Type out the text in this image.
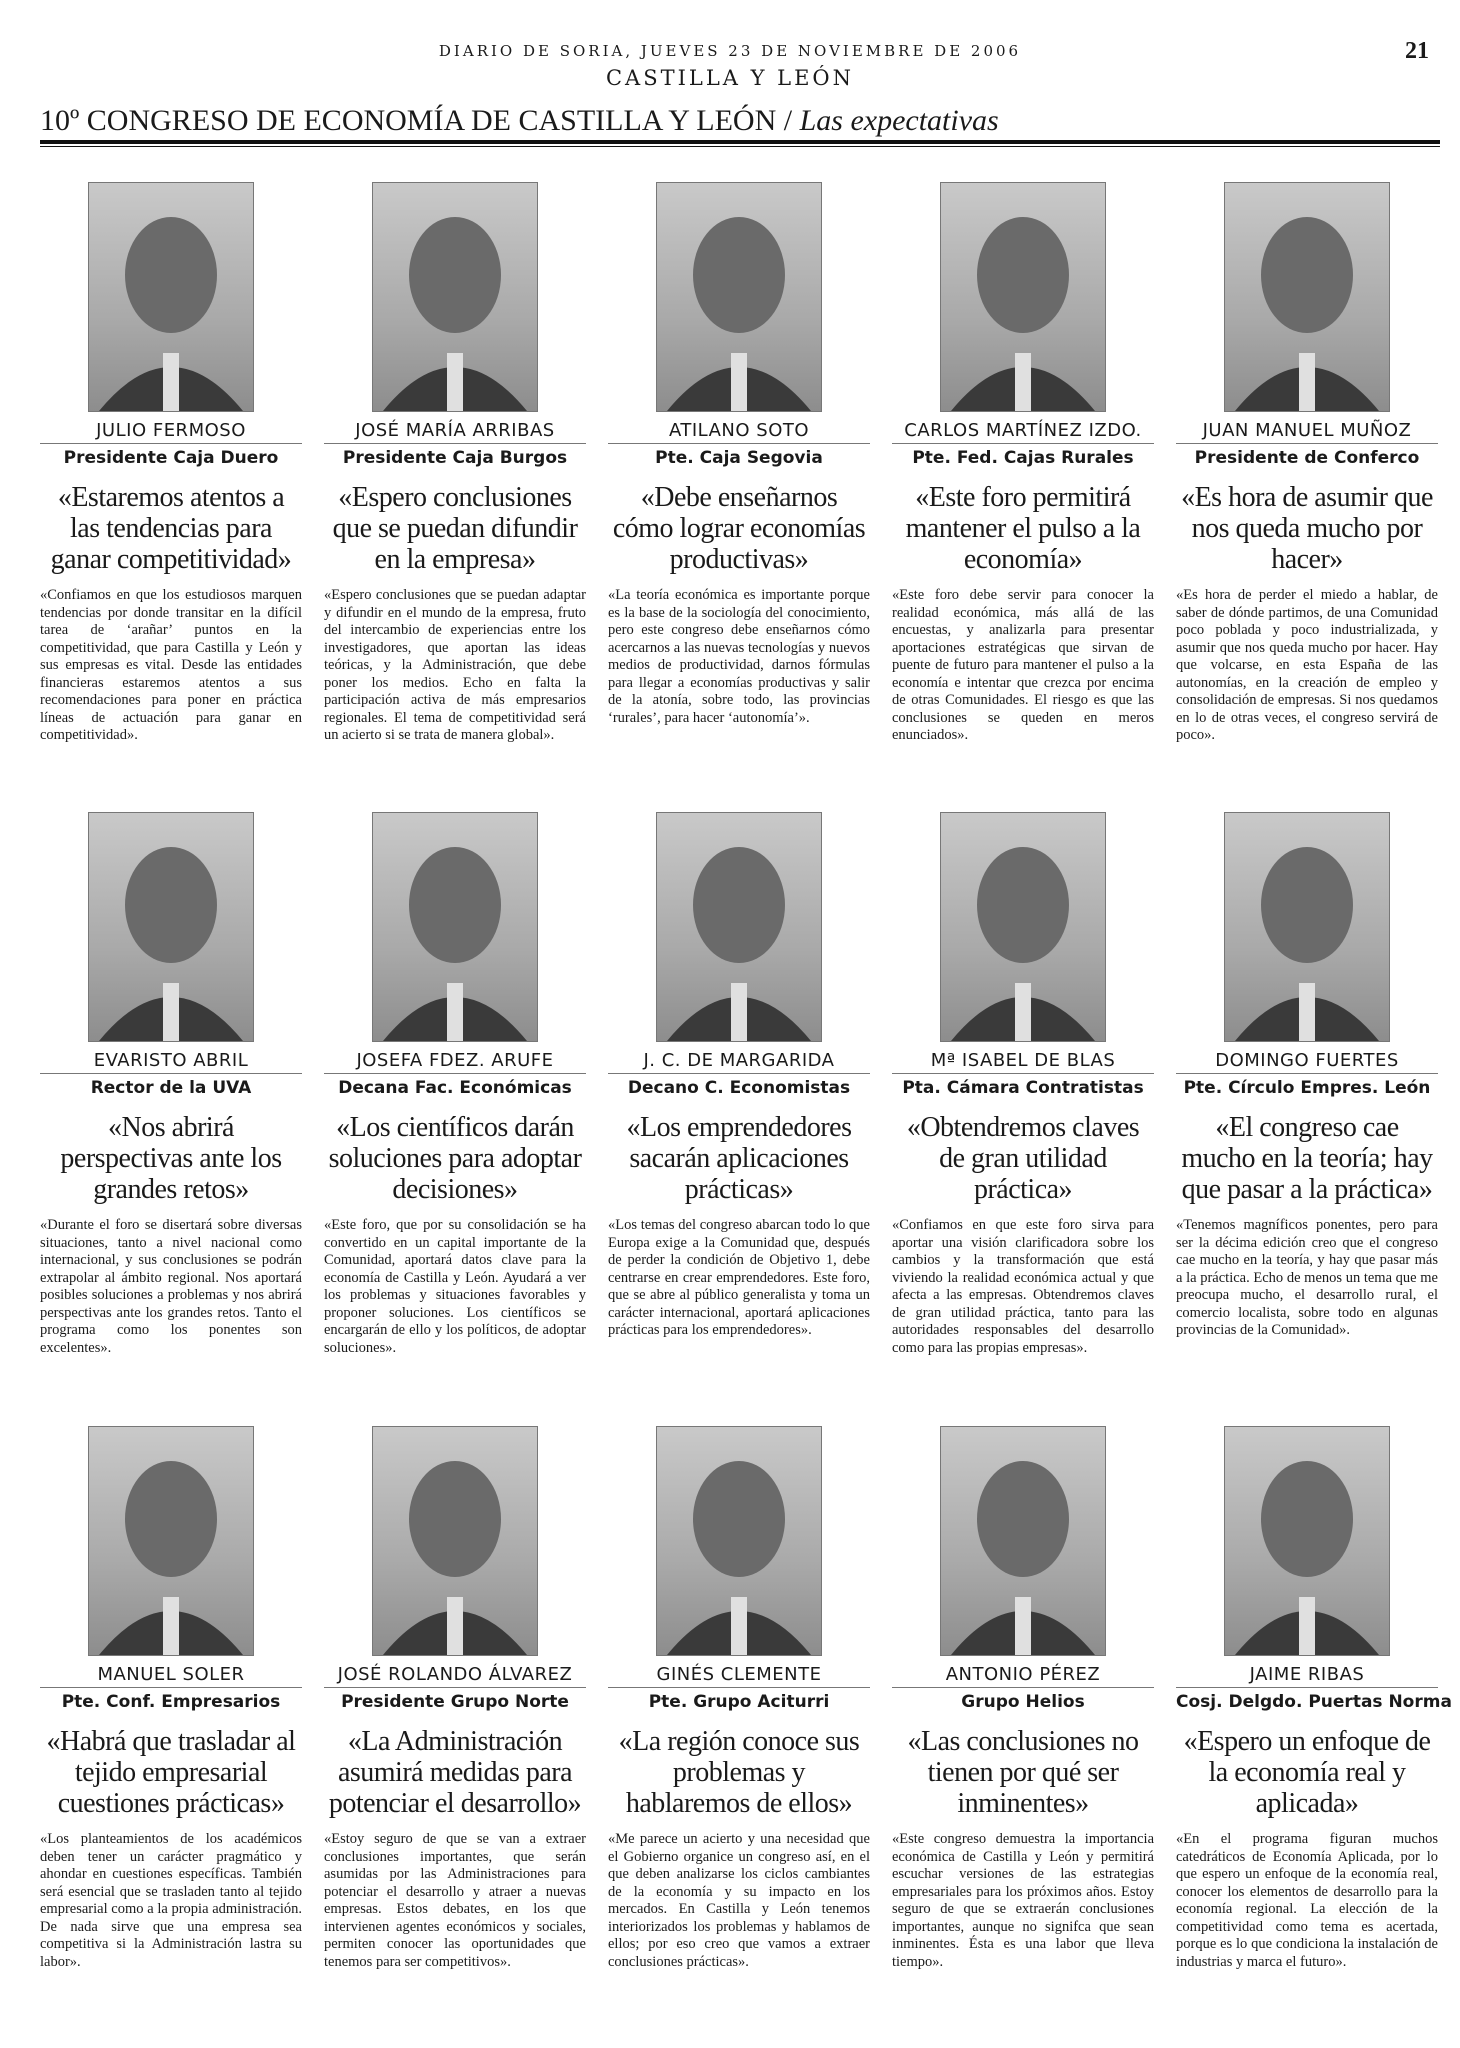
DIARIO DE SORIA, JUEVES 23 DE NOVIEMBRE DE 2006
CASTILLA Y LEÓN
21
10º CONGRESO DE ECONOMÍA DE CASTILLA Y LEÓN / Las expectativas
JULIO FERMOSO
Presidente Caja Duero
«Estaremos atentos a las tendencias para ganar competitividad»
«Confiamos en que los estudiosos marquen tendencias por donde transitar en la difícil tarea de ‘arañar’ puntos en la competitividad, que para Castilla y León y sus empresas es vital. Desde las entidades financieras estaremos atentos a sus recomendaciones para poner en práctica líneas de actuación para ganar en competitividad».
JOSÉ MARÍA ARRIBAS
Presidente Caja Burgos
«Espero conclusiones que se puedan difundir en la empresa»
«Espero conclusiones que se puedan adaptar y difundir en el mundo de la empresa, fruto del intercambio de experiencias entre los investigadores, que aportan las ideas teóricas, y la Administración, que debe poner los medios. Echo en falta la participación activa de más empresarios regionales. El tema de competitividad será un acierto si se trata de manera global».
ATILANO SOTO
Pte. Caja Segovia
«Debe enseñarnos cómo lograr economías productivas»
«La teoría económica es importante porque es la base de la sociología del conocimiento, pero este congreso debe enseñarnos cómo acercarnos a las nuevas tecnologías y nuevos medios de productividad, darnos fórmulas para llegar a economías productivas y salir de la atonía, sobre todo, las provincias ‘rurales’, para hacer ‘autonomía’».
CARLOS MARTÍNEZ IZDO.
Pte. Fed. Cajas Rurales
«Este foro permitirá mantener el pulso a la economía»
«Este foro debe servir para conocer la realidad económica, más allá de las encuestas, y analizarla para presentar aportaciones estratégicas que sirvan de puente de futuro para mantener el pulso a la economía e intentar que crezca por encima de otras Comunidades. El riesgo es que las conclusiones se queden en meros enunciados».
JUAN MANUEL MUÑOZ
Presidente de Conferco
«Es hora de asumir que nos queda mucho por hacer»
«Es hora de perder el miedo a hablar, de saber de dónde partimos, de una Comunidad poco poblada y poco industrializada, y asumir que nos queda mucho por hacer. Hay que volcarse, en esta España de las autonomías, en la creación de empleo y consolidación de empresas. Si nos quedamos en lo de otras veces, el congreso servirá de poco».
EVARISTO ABRIL
Rector de la UVA
«Nos abrirá perspectivas ante los grandes retos»
«Durante el foro se disertará sobre diversas situaciones, tanto a nivel nacional como internacional, y sus conclusiones se podrán extrapolar al ámbito regional. Nos aportará posibles soluciones a problemas y nos abrirá perspectivas ante los grandes retos. Tanto el programa como los ponentes son excelentes».
JOSEFA FDEZ. ARUFE
Decana Fac. Económicas
«Los científicos darán soluciones para adoptar decisiones»
«Este foro, que por su consolidación se ha convertido en un capital importante de la Comunidad, aportará datos clave para la economía de Castilla y León. Ayudará a ver los problemas y situaciones favorables y proponer soluciones. Los científicos se encargarán de ello y los políticos, de adoptar soluciones».
J. C. DE MARGARIDA
Decano C. Economistas
«Los emprendedores sacarán aplicaciones prácticas»
«Los temas del congreso abarcan todo lo que Europa exige a la Comunidad que, después de perder la condición de Objetivo 1, debe centrarse en crear emprendedores. Este foro, que se abre al público generalista y toma un carácter internacional, aportará aplicaciones prácticas para los emprendedores».
Mª ISABEL DE BLAS
Pta. Cámara Contratistas
«Obtendremos claves de gran utilidad práctica»
«Confiamos en que este foro sirva para aportar una visión clarificadora sobre los cambios y la transformación que está viviendo la realidad económica actual y que afecta a las empresas. Obtendremos claves de gran utilidad práctica, tanto para las autoridades responsables del desarrollo como para las propias empresas».
DOMINGO FUERTES
Pte. Círculo Empres. León
«El congreso cae mucho en la teoría; hay que pasar a la práctica»
«Tenemos magníficos ponentes, pero para ser la décima edición creo que el congreso cae mucho en la teoría, y hay que pasar más a la práctica. Echo de menos un tema que me preocupa mucho, el desarrollo rural, el comercio localista, sobre todo en algunas provincias de la Comunidad».
MANUEL SOLER
Pte. Conf. Empresarios
«Habrá que trasladar al tejido empresarial cuestiones prácticas»
«Los planteamientos de los académicos deben tener un carácter pragmático y ahondar en cuestiones específicas. También será esencial que se trasladen tanto al tejido empresarial como a la propia administración. De nada sirve que una empresa sea competitiva si la Administración lastra su labor».
JOSÉ ROLANDO ÁLVAREZ
Presidente Grupo Norte
«La Administración asumirá medidas para potenciar el desarrollo»
«Estoy seguro de que se van a extraer conclusiones importantes, que serán asumidas por las Administraciones para potenciar el desarrollo y atraer a nuevas empresas. Estos debates, en los que intervienen agentes económicos y sociales, permiten conocer las oportunidades que tenemos para ser competitivos».
GINÉS CLEMENTE
Pte. Grupo Aciturri
«La región conoce sus problemas y hablaremos de ellos»
«Me parece un acierto y una necesidad que el Gobierno organice un congreso así, en el que deben analizarse los ciclos cambiantes de la economía y su impacto en los mercados. En Castilla y León tenemos interiorizados los problemas y hablamos de ellos; por eso creo que vamos a extraer conclusiones prácticas».
ANTONIO PÉREZ
Grupo Helios
«Las conclusiones no tienen por qué ser inminentes»
«Este congreso demuestra la importancia económica de Castilla y León y permitirá escuchar versiones de las estrategias empresariales para los próximos años. Estoy seguro de que se extraerán conclusiones importantes, aunque no signifca que sean inminentes. Ésta es una labor que lleva tiempo».
JAIME RIBAS
Cosj. Delgdo. Puertas Norma
«Espero un enfoque de la economía real y aplicada»
«En el programa figuran muchos catedráticos de Economía Aplicada, por lo que espero un enfoque de la economía real, conocer los elementos de desarrollo para la economía regional. La elección de la competitividad como tema es acertada, porque es lo que condiciona la instalación de industrias y marca el futuro».
